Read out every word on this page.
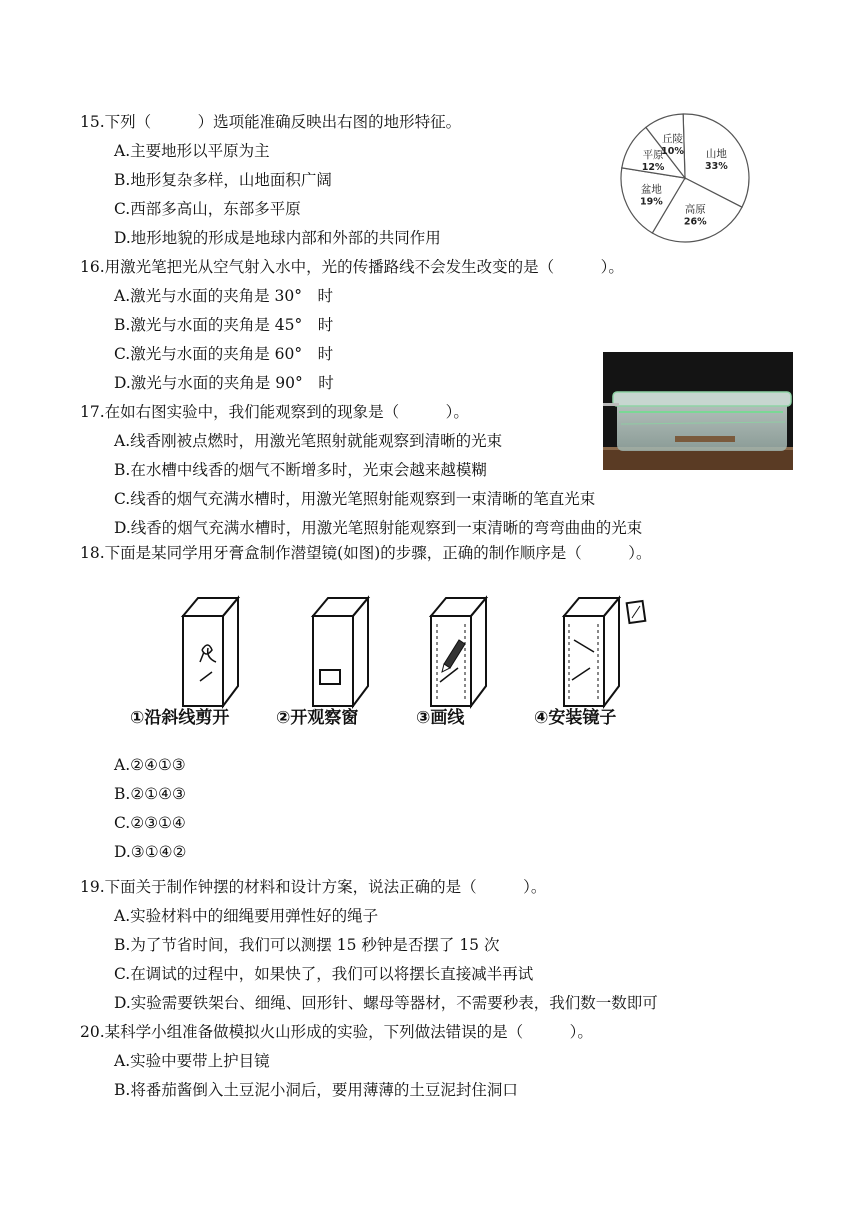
15.下列（　　　）选项能准确反映出右图的地形特征。
A.主要地形以平原为主
B.地形复杂多样，山地面积广阔
C.西部多高山，东部多平原
D.地形地貌的形成是地球内部和外部的共同作用
山地
33%
高原
26%
盆地
19%
平原
12%
丘陵
10%
16.用激光笔把光从空气射入水中，光的传播路线不会发生改变的是（　　　）。
A.激光与水面的夹角是 30°　时
B.激光与水面的夹角是 45°　时
C.激光与水面的夹角是 60°　时
D.激光与水面的夹角是 90°　时
17.在如右图实验中，我们能观察到的现象是（　　　）。
A.线香刚被点燃时，用激光笔照射就能观察到清晰的光束
B.在水槽中线香的烟气不断增多时，光束会越来越模糊
C.线香的烟气充满水槽时，用激光笔照射能观察到一束清晰的笔直光束
D.线香的烟气充满水槽时，用激光笔照射能观察到一束清晰的弯弯曲曲的光束
18.下面是某同学用牙膏盒制作潜望镜(如图)的步骤，正确的制作顺序是（　　　）。
①沿斜线剪开	②开观察窗	③画线	④安装镜子
A.②④①③
B.②①④③
C.②③①④
D.③①④②
19.下面关于制作钟摆的材料和设计方案，说法正确的是（　　　）。
A.实验材料中的细绳要用弹性好的绳子
B.为了节省时间，我们可以测摆 15 秒钟是否摆了 15 次
C.在调试的过程中，如果快了，我们可以将摆长直接减半再试
D.实验需要铁架台、细绳、回形针、螺母等器材，不需要秒表，我们数一数即可
20.某科学小组准备做模拟火山形成的实验，下列做法错误的是（　　　）。
A.实验中要带上护目镜
B.将番茄酱倒入土豆泥小洞后，要用薄薄的土豆泥封住洞口
